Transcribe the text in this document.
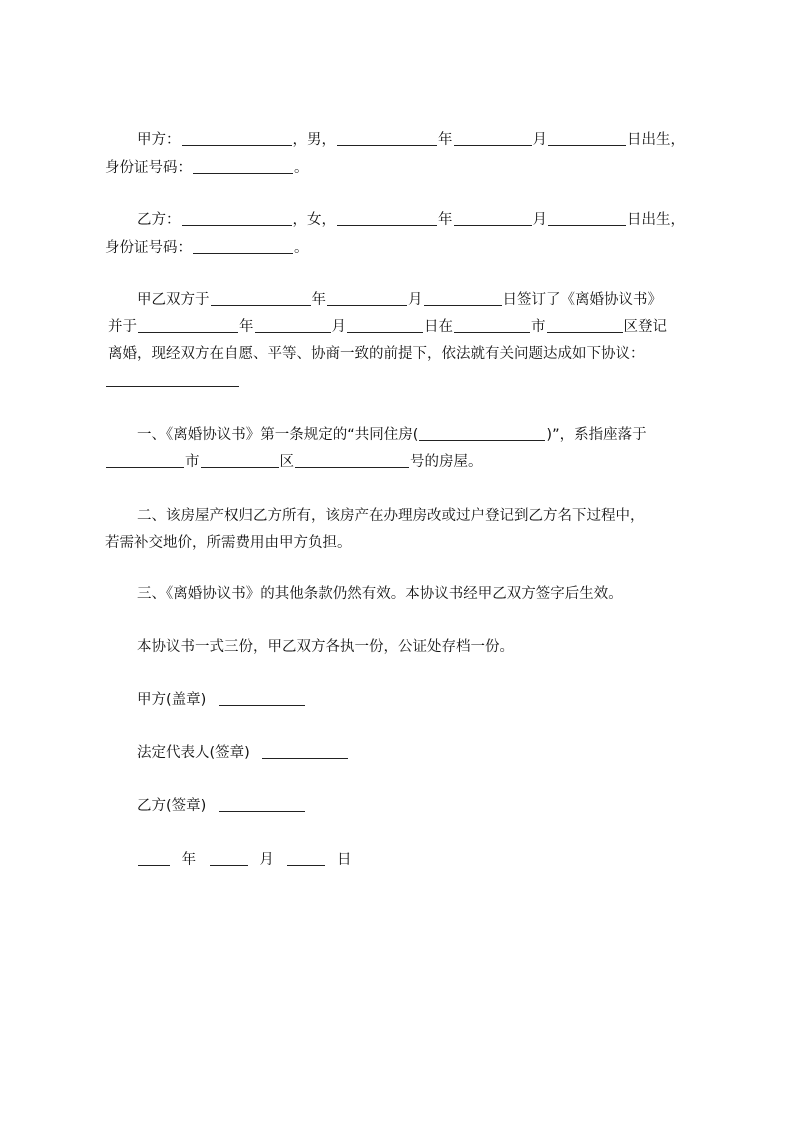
甲方：	，男，	年	月	日出生，
身份证号码：	。
乙方：	，女，	年	月	日出生，
身份证号码：	。
甲乙双方于	年	月	日签订了《离婚协议书》
并于	年	月	日在	市	区登记
离婚，现经双方在自愿、平等、协商一致的前提下，依法就有关问题达成如下协议：
一、《离婚协议书》第一条规定的“共同住房(	)”，系指座落于
市	区	号的房屋。
二、该房屋产权归乙方所有，该房产在办理房改或过户登记到乙方名下过程中，
若需补交地价，所需费用由甲方负担。
三、《离婚协议书》的其他条款仍然有效。本协议书经甲乙双方签字后生效。
本协议书一式三份，甲乙双方各执一份，公证处存档一份。
甲方(盖章)
法定代表人(签章)
乙方(签章)
年	月	日
